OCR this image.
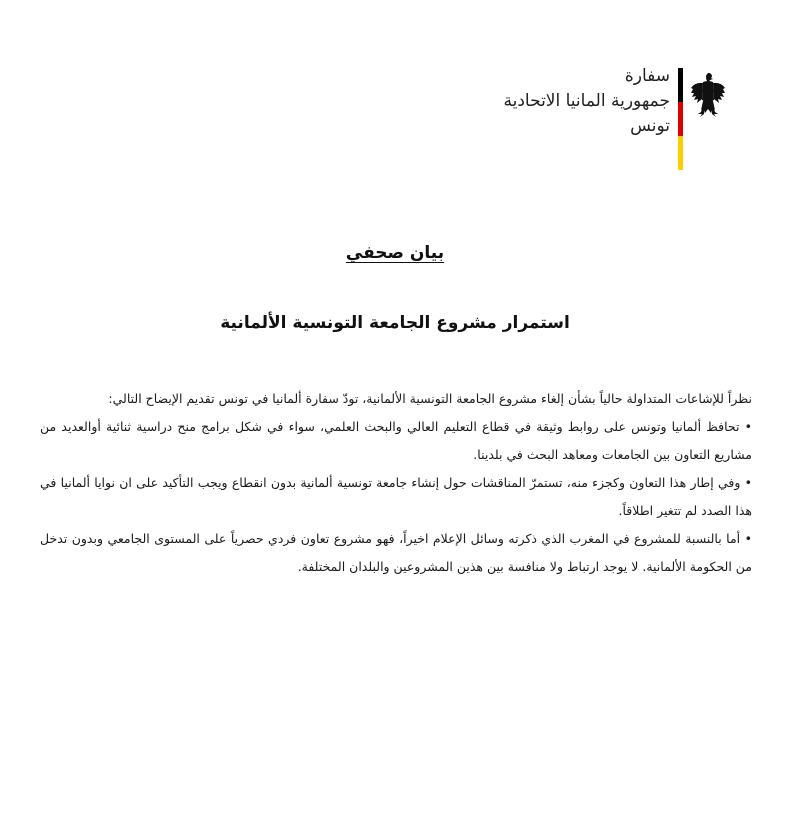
سفارة
جمهورية المانيا الاتحادية
تونس
بيان صحفي
استمرار مشروع الجامعة التونسية الألمانية

نظراً للإشاعات المتداولة حالياً بشأن إلغاء مشروع الجامعة التونسية الألمانية، تودّ سفارة ألمانيا في تونس تقديم الإيضاح التالي:

• تحافظ ألمانيا وتونس على روابط وثيقة في قطاع التعليم العالي والبحث العلمي، سواء في شكل برامج منح دراسية ثنائية أوالعديد من مشاريع التعاون بين الجامعات ومعاهد البحث في بلدينا.

• وفي إطار هذا التعاون وكجزء منه، تستمرّ المناقشات حول إنشاء جامعة تونسية ألمانية بدون انقطاع ويجب التأكيد على ان نوايا ألمانيا في هذا الصدد لم تتغير اطلاقاً.

• أما بالنسبة للمشروع في المغرب الذي ذكرته وسائل الإعلام اخيراً، فهو مشروع تعاون فردي حصرياً على المستوى الجامعي وبدون تدخل من الحكومة الألمانية. لا يوجد ارتباط ولا منافسة بين هذين المشروعين والبلدان المختلفة.
